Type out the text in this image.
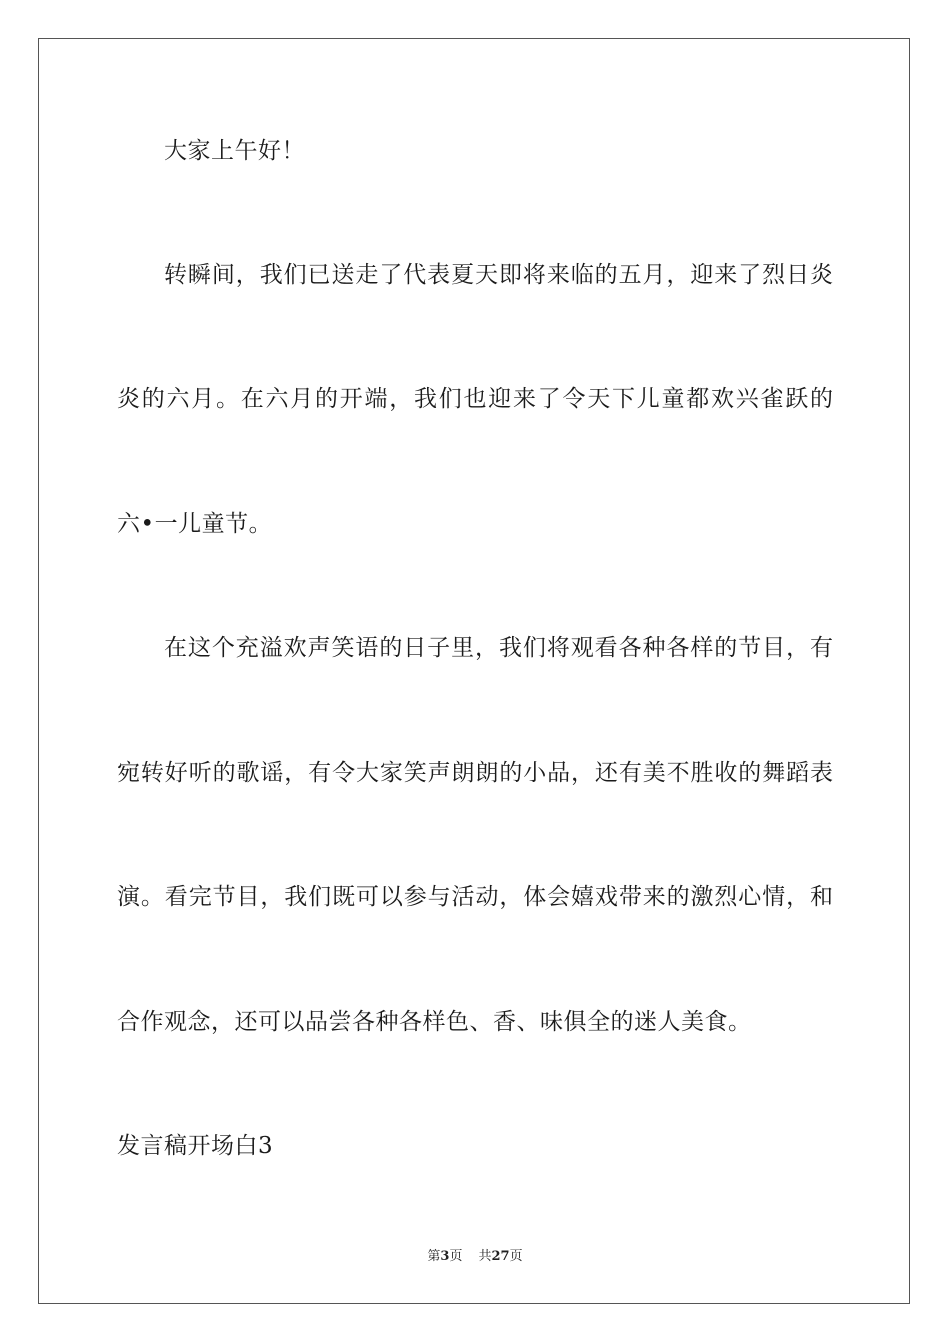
大家上午好！
转瞬间，我们已送走了代表夏天即将来临的五月，迎来了烈日炎
炎的六月。在六月的开端，我们也迎来了令天下儿童都欢兴雀跃的
六•一儿童节。
在这个充溢欢声笑语的日子里，我们将观看各种各样的节目，有
宛转好听的歌谣，有令大家笑声朗朗的小品，还有美不胜收的舞蹈表
演。看完节目，我们既可以参与活动，体会嬉戏带来的激烈心情，和
合作观念，还可以品尝各种各样色、香、味俱全的迷人美食。
发言稿开场白3
第3页 共27页
